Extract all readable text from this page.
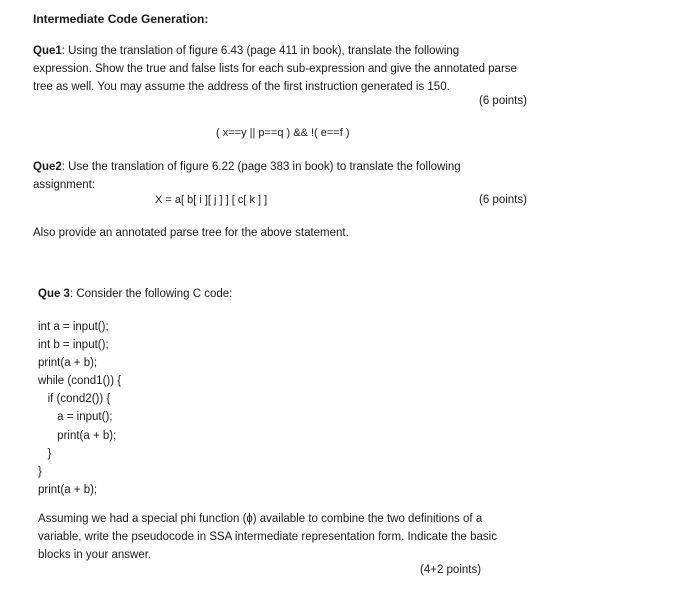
Intermediate Code Generation:
Que1: Using the translation of figure 6.43 (page 411 in book), translate the following
expression. Show the true and false lists for each sub-expression and give the annotated parse
tree as well. You may assume the address of the first instruction generated is 150.
(6 points)
( x==y || p==q ) && !( e==f )
Que2: Use the translation of figure 6.22 (page 383 in book) to translate the following
assignment:
X = a[ b[ i ][ j ] ] [ c[ k ] ]	(6 points)
Also provide an annotated parse tree for the above statement.
Que 3: Consider the following C code:
int a = input();
int b = input();
print(a + b);
while (cond1()) {
if (cond2()) {
a = input();
print(a + b);
}
}
print(a + b);
Assuming we had a special phi function (ɸ) available to combine the two definitions of a
variable, write the pseudocode in SSA intermediate representation form. Indicate the basic
blocks in your answer.
(4+2 points)
